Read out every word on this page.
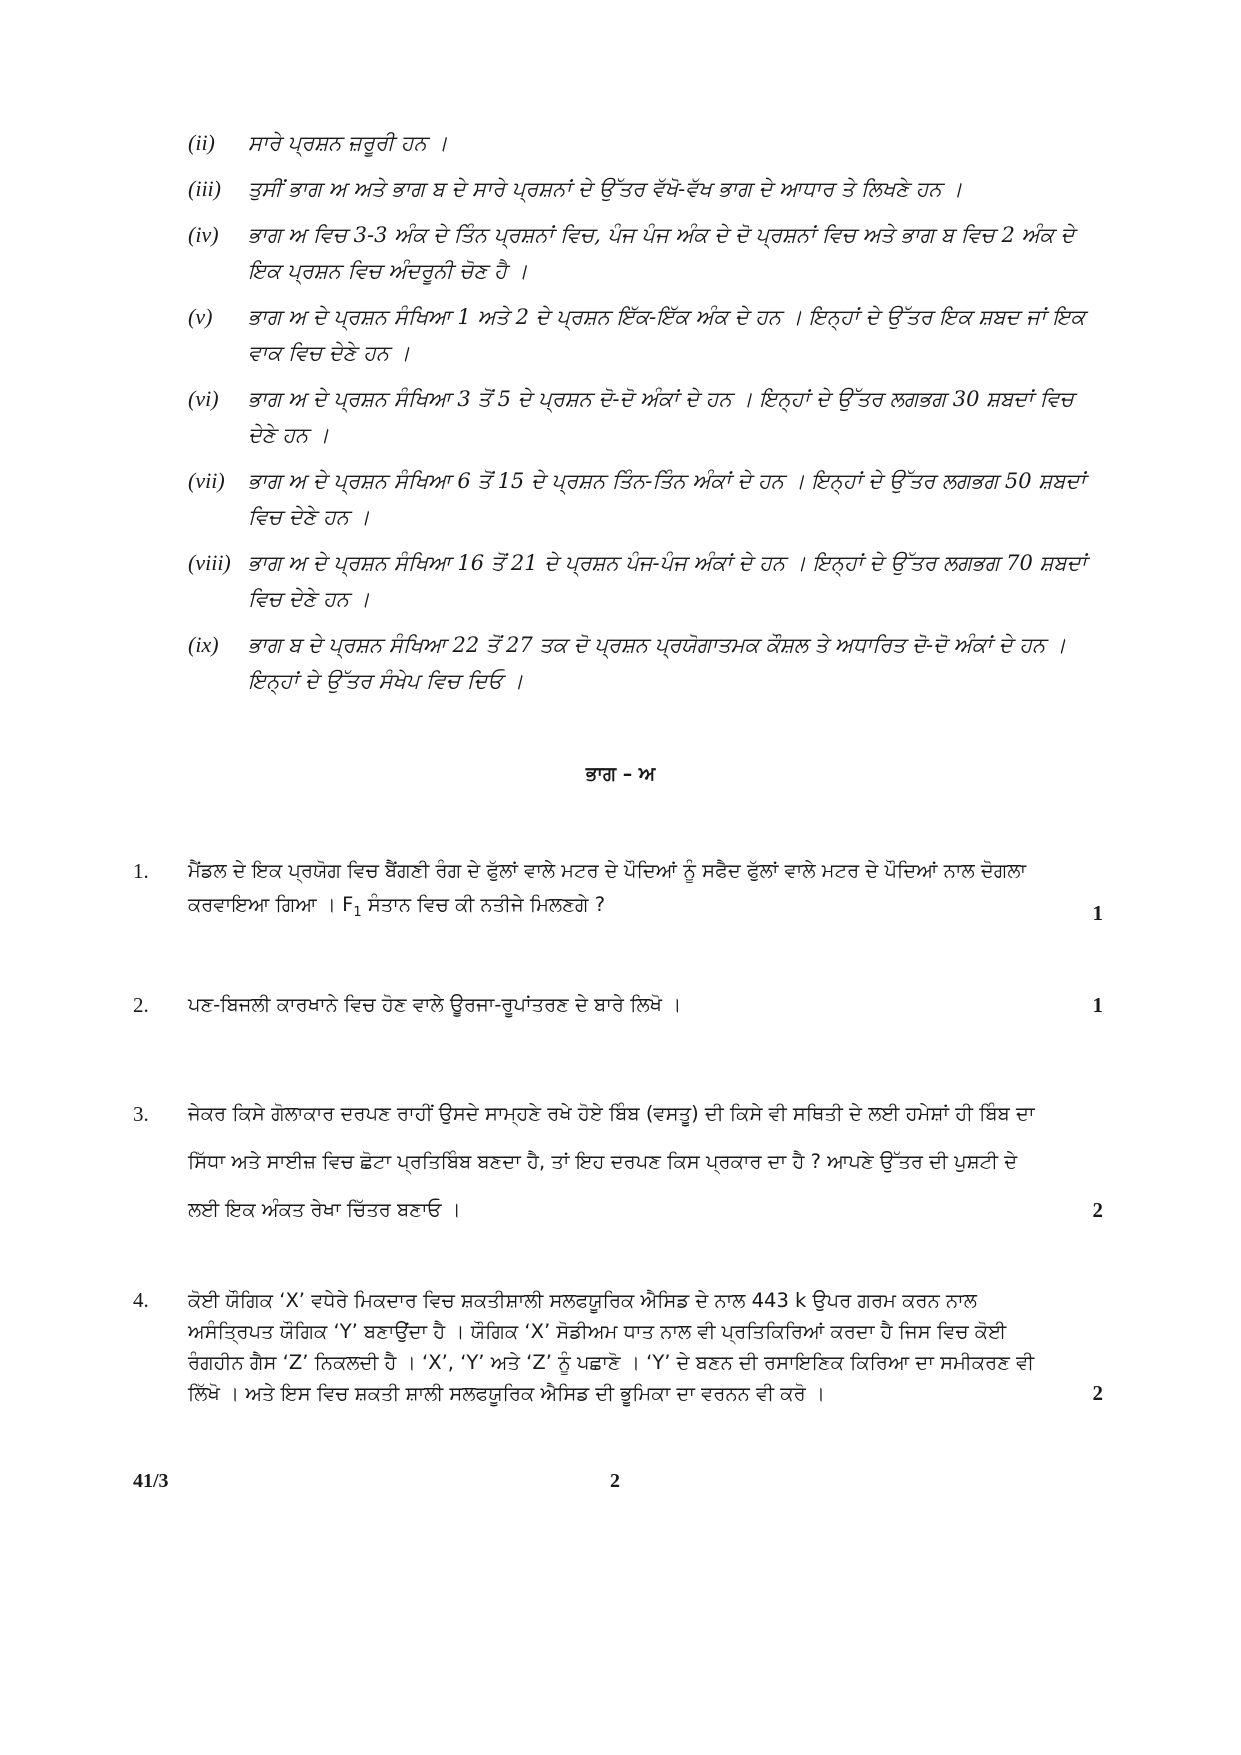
(ii)	ਸਾਰੇ ਪ੍ਰਸ਼ਨ ਜ਼ਰੂਰੀ ਹਨ ।
(iii)	ਤੁਸੀਂ ਭਾਗ ਅ ਅਤੇ ਭਾਗ ਬ ਦੇ ਸਾਰੇ ਪ੍ਰਸ਼ਨਾਂ ਦੇ ਉੱਤਰ ਵੱਖੋ-ਵੱਖ ਭਾਗ ਦੇ ਆਧਾਰ ਤੇ ਲਿਖਣੇ ਹਨ ।
(iv)	ਭਾਗ ਅ ਵਿਚ 3-3 ਅੰਕ ਦੇ ਤਿੰਨ ਪ੍ਰਸ਼ਨਾਂ ਵਿਚ, ਪੰਜ ਪੰਜ ਅੰਕ ਦੇ ਦੋ ਪ੍ਰਸ਼ਨਾਂ ਵਿਚ ਅਤੇ ਭਾਗ ਬ ਵਿਚ 2 ਅੰਕ ਦੇ ਇਕ ਪ੍ਰਸ਼ਨ ਵਿਚ ਅੰਦਰੂਨੀ ਚੋਣ ਹੈ ।
(v)	ਭਾਗ ਅ ਦੇ ਪ੍ਰਸ਼ਨ ਸੰਖਿਆ 1 ਅਤੇ 2 ਦੇ ਪ੍ਰਸ਼ਨ ਇੱਕ-ਇੱਕ ਅੰਕ ਦੇ ਹਨ । ਇਨ੍ਹਾਂ ਦੇ ਉੱਤਰ ਇਕ ਸ਼ਬਦ ਜਾਂ ਇਕ ਵਾਕ ਵਿਚ ਦੇਣੇ ਹਨ ।
(vi)	ਭਾਗ ਅ ਦੇ ਪ੍ਰਸ਼ਨ ਸੰਖਿਆ 3 ਤੋਂ 5 ਦੇ ਪ੍ਰਸ਼ਨ ਦੋ-ਦੋ ਅੰਕਾਂ ਦੇ ਹਨ । ਇਨ੍ਹਾਂ ਦੇ ਉੱਤਰ ਲਗਭਗ 30 ਸ਼ਬਦਾਂ ਵਿਚ ਦੇਣੇ ਹਨ ।
(vii)	ਭਾਗ ਅ ਦੇ ਪ੍ਰਸ਼ਨ ਸੰਖਿਆ 6 ਤੋਂ 15 ਦੇ ਪ੍ਰਸ਼ਨ ਤਿੰਨ-ਤਿੰਨ ਅੰਕਾਂ ਦੇ ਹਨ । ਇਨ੍ਹਾਂ ਦੇ ਉੱਤਰ ਲਗਭਗ 50 ਸ਼ਬਦਾਂ ਵਿਚ ਦੇਣੇ ਹਨ ।
(viii) ਭਾਗ ਅ ਦੇ ਪ੍ਰਸ਼ਨ ਸੰਖਿਆ 16 ਤੋਂ 21 ਦੇ ਪ੍ਰਸ਼ਨ ਪੰਜ-ਪੰਜ ਅੰਕਾਂ ਦੇ ਹਨ । ਇਨ੍ਹਾਂ ਦੇ ਉੱਤਰ ਲਗਭਗ 70 ਸ਼ਬਦਾਂ ਵਿਚ ਦੇਣੇ ਹਨ ।
(ix)	ਭਾਗ ਬ ਦੇ ਪ੍ਰਸ਼ਨ ਸੰਖਿਆ 22 ਤੋਂ 27 ਤਕ ਦੋ ਪ੍ਰਸ਼ਨ ਪ੍ਰਯੋਗਾਤਮਕ ਕੌਸ਼ਲ ਤੇ ਅਧਾਰਿਤ ਦੋ-ਦੋ ਅੰਕਾਂ ਦੇ ਹਨ । ਇਨ੍ਹਾਂ ਦੇ ਉੱਤਰ ਸੰਖੇਪ ਵਿਚ ਦਿਓ ।
ਭਾਗ – ਅ
1.	ਮੈਂਡਲ ਦੇ ਇਕ ਪ੍ਰਯੋਗ ਵਿਚ ਬੈਂਗਣੀ ਰੰਗ ਦੇ ਫੁੱਲਾਂ ਵਾਲੇ ਮਟਰ ਦੇ ਪੌਦਿਆਂ ਨੂੰ ਸਫੈਦ ਫੁੱਲਾਂ ਵਾਲੇ ਮਟਰ ਦੇ ਪੌਦਿਆਂ ਨਾਲ ਦੋਗਲਾ ਕਰਵਾਇਆ ਗਿਆ । $F_1$ ਸੰਤਾਨ ਵਿਚ ਕੀ ਨਤੀਜੇ ਮਿਲਣਗੇ ?	1
2.	ਪਣ-ਬਿਜਲੀ ਕਾਰਖਾਨੇ ਵਿਚ ਹੋਣ ਵਾਲੇ ਊਰਜਾ-ਰੂਪਾਂਤਰਣ ਦੇ ਬਾਰੇ ਲਿਖੋ ।	1
3.	ਜੇਕਰ ਕਿਸੇ ਗੋਲਾਕਾਰ ਦਰਪਣ ਰਾਹੀਂ ਉਸਦੇ ਸਾਮ੍ਹਣੇ ਰਖੇ ਹੋਏ ਬਿੰਬ (ਵਸਤੂ) ਦੀ ਕਿਸੇ ਵੀ ਸਥਿਤੀ ਦੇ ਲਈ ਹਮੇਸ਼ਾਂ ਹੀ ਬਿੰਬ ਦਾ ਸਿੱਧਾ ਅਤੇ ਸਾਈਜ਼ ਵਿਚ ਛੋਟਾ ਪ੍ਰਤਿਬਿੰਬ ਬਣਦਾ ਹੈ, ਤਾਂ ਇਹ ਦਰਪਣ ਕਿਸ ਪ੍ਰਕਾਰ ਦਾ ਹੈ ? ਆਪਣੇ ਉੱਤਰ ਦੀ ਪੁਸ਼ਟੀ ਦੇ ਲਈ ਇਕ ਅੰਕਤ ਰੇਖਾ ਚਿੱਤਰ ਬਣਾਓ ।	2
4.	ਕੋਈ ਯੌਗਿਕ ‘X’ ਵਧੇਰੇ ਮਿਕਦਾਰ ਵਿਚ ਸ਼ਕਤੀਸ਼ਾਲੀ ਸਲਫਯੂਰਿਕ ਐਸਿਡ ਦੇ ਨਾਲ 443 k ਉਪਰ ਗਰਮ ਕਰਨ ਨਾਲ ਅਸੰਤ੍ਰਿਪਤ ਯੌਗਿਕ ‘Y’ ਬਣਾਉਂਦਾ ਹੈ । ਯੌਗਿਕ ‘X’ ਸੋਡੀਅਮ ਧਾਤ ਨਾਲ ਵੀ ਪ੍ਰਤਿਕਿਰਿਆਂ ਕਰਦਾ ਹੈ ਜਿਸ ਵਿਚ ਕੋਈ ਰੰਗਹੀਨ ਗੈਸ ‘Z’ ਨਿਕਲਦੀ ਹੈ । ‘X’, ‘Y’ ਅਤੇ ‘Z’ ਨੂੰ ਪਛਾਣੋ । ‘Y’ ਦੇ ਬਣਨ ਦੀ ਰਸਾਇਣਿਕ ਕਿਰਿਆ ਦਾ ਸਮੀਕਰਣ ਵੀ ਲਿੱਖੋ । ਅਤੇ ਇਸ ਵਿਚ ਸ਼ਕਤੀ ਸ਼ਾਲੀ ਸਲਫਯੂਰਿਕ ਐਸਿਡ ਦੀ ਭੂਮਿਕਾ ਦਾ ਵਰਨਨ ਵੀ ਕਰੋ ।	2
41/3	2
